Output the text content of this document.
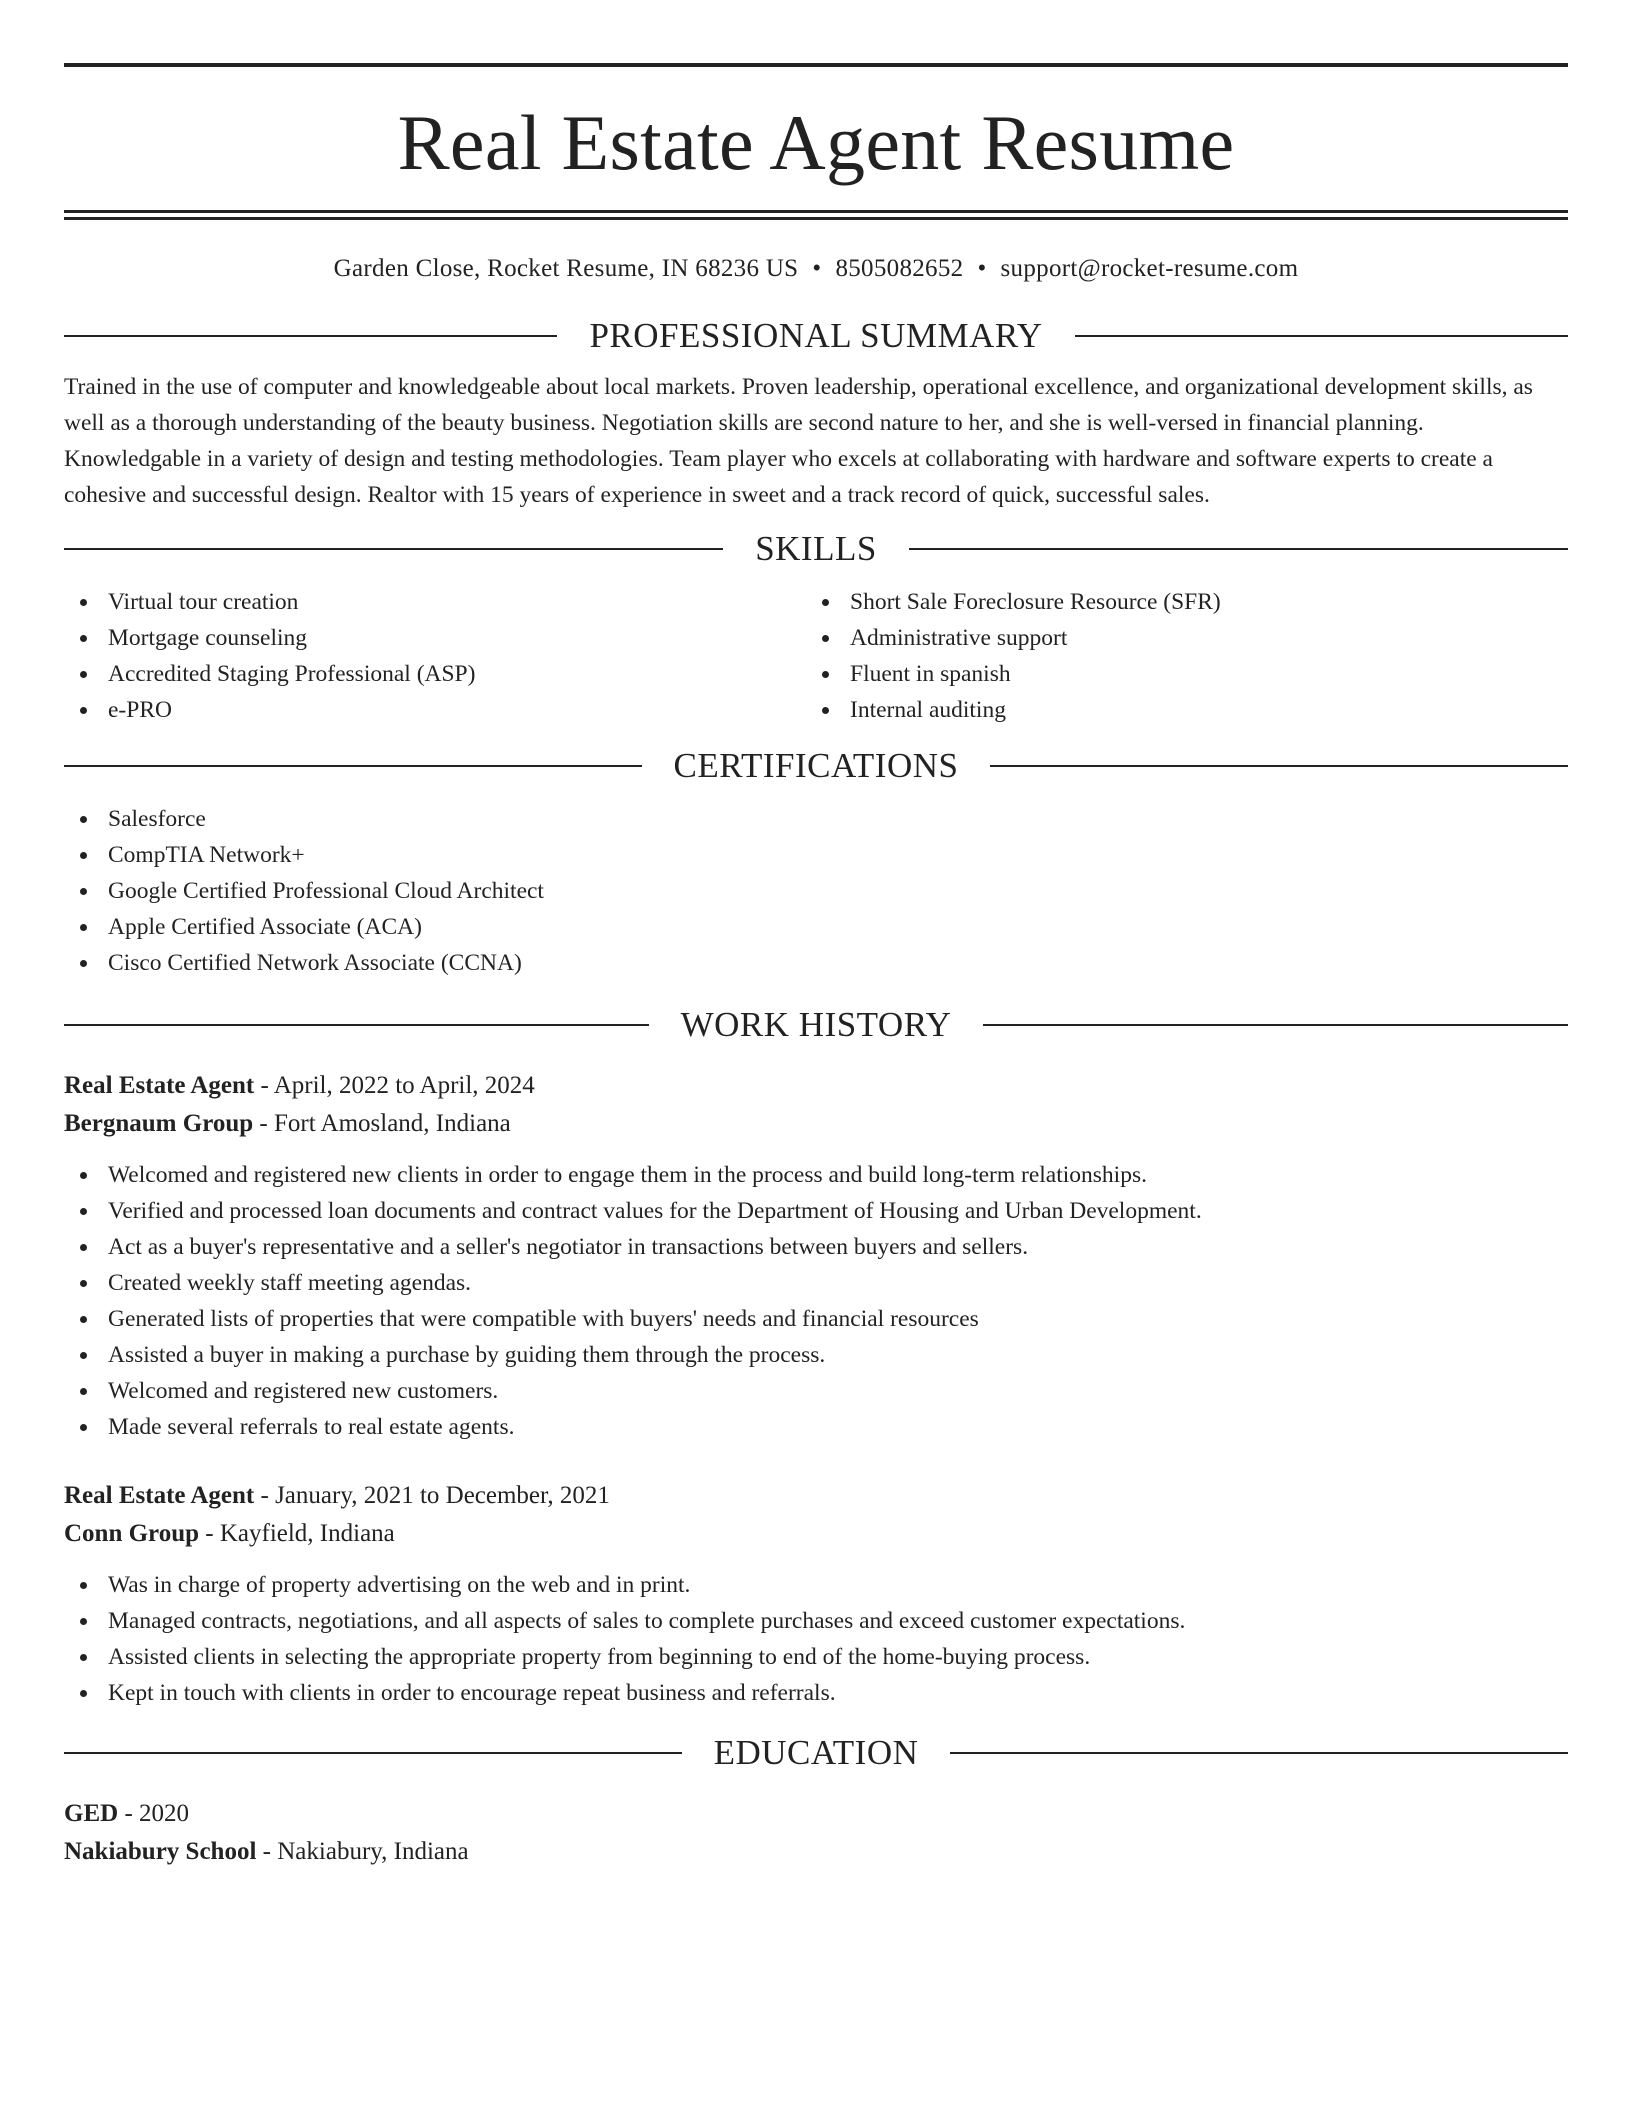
Real Estate Agent Resume
Garden Close, Rocket Resume, IN 68236 US • 8505082652 • support@rocket-resume.com
PROFESSIONAL SUMMARY

Trained in the use of computer and knowledgeable about local markets. Proven leadership, operational excellence, and organizational development skills, as well as a thorough understanding of the beauty business. Negotiation skills are second nature to her, and she is well-versed in financial planning. Knowledgable in a variety of design and testing methodologies. Team player who excels at collaborating with hardware and software experts to create a cohesive and successful design. Realtor with 15 years of experience in sweet and a track record of quick, successful sales.

SKILLS
Virtual tour creation
Mortgage counseling
Accredited Staging Professional (ASP)
e-PRO
Short Sale Foreclosure Resource (SFR)
Administrative support
Fluent in spanish
Internal auditing
CERTIFICATIONS
Salesforce
CompTIA Network+
Google Certified Professional Cloud Architect
Apple Certified Associate (ACA)
Cisco Certified Network Associate (CCNA)
WORK HISTORY
Real Estate Agent - April, 2022 to April, 2024
Bergnaum Group - Fort Amosland, Indiana
Welcomed and registered new clients in order to engage them in the process and build long-term relationships.
Verified and processed loan documents and contract values for the Department of Housing and Urban Development.
Act as a buyer's representative and a seller's negotiator in transactions between buyers and sellers.
Created weekly staff meeting agendas.
Generated lists of properties that were compatible with buyers' needs and financial resources
Assisted a buyer in making a purchase by guiding them through the process.
Welcomed and registered new customers.
Made several referrals to real estate agents.
Real Estate Agent - January, 2021 to December, 2021
Conn Group - Kayfield, Indiana
Was in charge of property advertising on the web and in print.
Managed contracts, negotiations, and all aspects of sales to complete purchases and exceed customer expectations.
Assisted clients in selecting the appropriate property from beginning to end of the home-buying process.
Kept in touch with clients in order to encourage repeat business and referrals.
EDUCATION
GED - 2020
Nakiabury School - Nakiabury, Indiana
